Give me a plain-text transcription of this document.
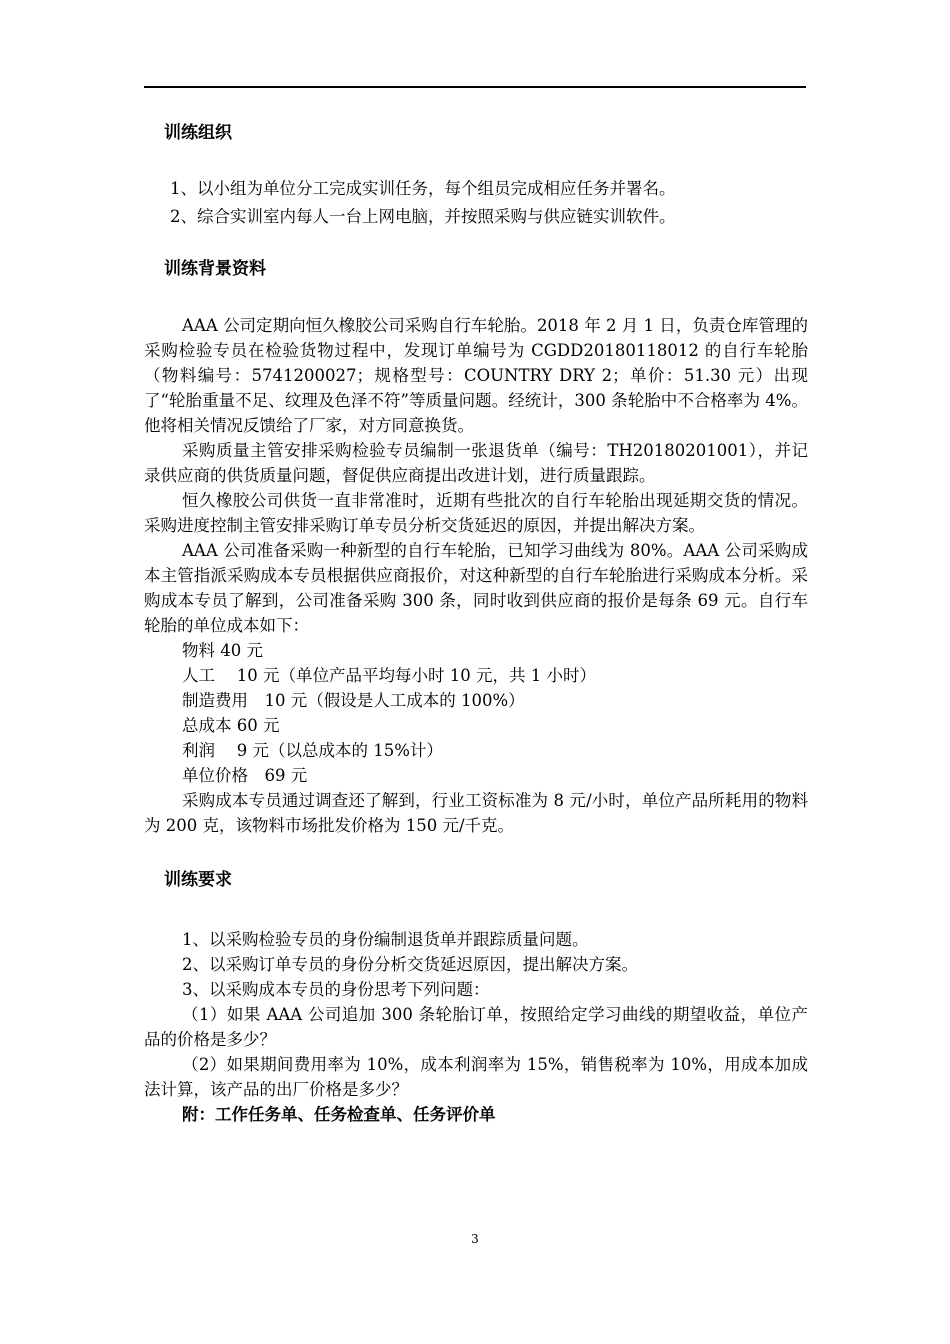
训练组织

1、以小组为单位分工完成实训任务，每个组员完成相应任务并署名。

2、综合实训室内每人一台上网电脑，并按照采购与供应链实训软件。

训练背景资料

AAA 公司定期向恒久橡胶公司采购自行车轮胎。2018 年 2 月 1 日，负责仓库管理的采购检验专员在检验货物过程中，发现订单编号为 CGDD20180118012 的自行车轮胎（物料编号：5741200027；规格型号：COUNTRY DRY 2；单价：51.30 元）出现了“轮胎重量不足、纹理及色泽不符”等质量问题。经统计，300 条轮胎中不合格率为 4%。他将相关情况反馈给了厂家，对方同意换货。

采购质量主管安排采购检验专员编制一张退货单（编号：TH20180201001），并记录供应商的供货质量问题，督促供应商提出改进计划，进行质量跟踪。

恒久橡胶公司供货一直非常准时，近期有些批次的自行车轮胎出现延期交货的情况。采购进度控制主管安排采购订单专员分析交货延迟的原因，并提出解决方案。

AAA 公司准备采购一种新型的自行车轮胎，已知学习曲线为 80%。AAA 公司采购成本主管指派采购成本专员根据供应商报价，对这种新型的自行车轮胎进行采购成本分析。采购成本专员了解到，公司准备采购 300 条，同时收到供应商的报价是每条 69 元。自行车轮胎的单位成本如下：

物料 40 元

人工　 10 元（单位产品平均每小时 10 元，共 1 小时）

制造费用　10 元（假设是人工成本的 100%）

总成本 60 元

利润　 9 元（以总成本的 15%计）

单位价格　69 元

采购成本专员通过调查还了解到，行业工资标准为 8 元/小时，单位产品所耗用的物料为 200 克，该物料市场批发价格为 150 元/千克。

训练要求

1、以采购检验专员的身份编制退货单并跟踪质量问题。

2、以采购订单专员的身份分析交货延迟原因，提出解决方案。

3、以采购成本专员的身份思考下列问题：

（1）如果 AAA 公司追加 300 条轮胎订单，按照给定学习曲线的期望收益，单位产品的价格是多少？

（2）如果期间费用率为 10%，成本利润率为 15%，销售税率为 10%，用成本加成法计算，该产品的出厂价格是多少？

附：工作任务单、任务检查单、任务评价单

3
